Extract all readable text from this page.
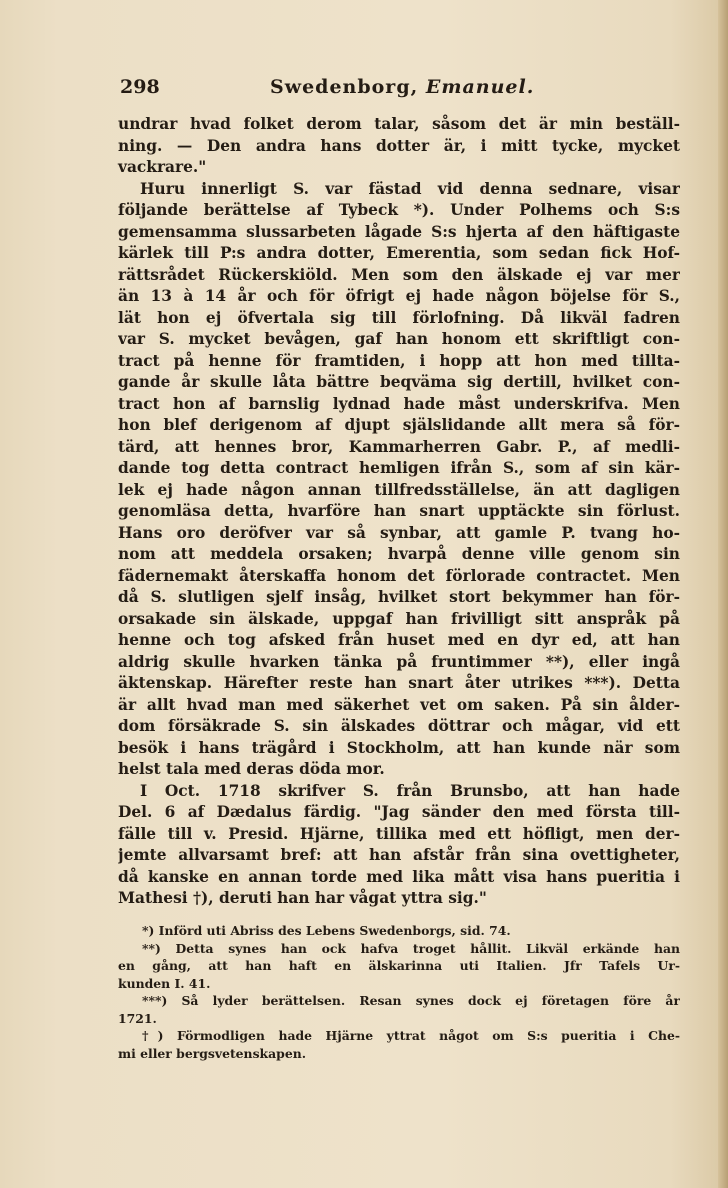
298	Swedenborg, Emanuel.
undrar hvad folket derom talar, såsom det är min beställ-
ning. — Den andra hans dotter är, i mitt tycke, mycket
vackrare."
Huru innerligt S. var fästad vid denna sednare, visar
följande berättelse af Tybeck *). Under Polhems och S:s
gemensamma slussarbeten lågade S:s hjerta af den häftigaste
kärlek till P:s andra dotter, Emerentia, som sedan fick Hof-
rättsrådet Rückerskiöld. Men som den älskade ej var mer
än 13 à 14 år och för öfrigt ej hade någon böjelse för S.,
lät hon ej öfvertala sig till förlofning. Då likväl fadren
var S. mycket bevågen, gaf han honom ett skriftligt con-
tract på henne för framtiden, i hopp att hon med tillta-
gande år skulle låta bättre beqväma sig dertill, hvilket con-
tract hon af barnslig lydnad hade måst underskrifva. Men
hon blef derigenom af djupt själslidande allt mera så för-
tärd, att hennes bror, Kammarherren Gabr. P., af medli-
dande tog detta contract hemligen ifrån S., som af sin kär-
lek ej hade någon annan tillfredsställelse, än att dagligen
genomläsa detta, hvarföre han snart upptäckte sin förlust.
Hans oro deröfver var så synbar, att gamle P. tvang ho-
nom att meddela orsaken; hvarpå denne ville genom sin
fädernemakt återskaffa honom det förlorade contractet. Men
då S. slutligen sjelf insåg, hvilket stort bekymmer han för-
orsakade sin älskade, uppgaf han frivilligt sitt anspråk på
henne och tog afsked från huset med en dyr ed, att han
aldrig skulle hvarken tänka på fruntimmer **), eller ingå
äktenskap. Härefter reste han snart åter utrikes ***). Detta
är allt hvad man med säkerhet vet om saken. På sin ålder-
dom försäkrade S. sin älskades döttrar och mågar, vid ett
besök i hans trägård i Stockholm, att han kunde när som
helst tala med deras döda mor.
I Oct. 1718 skrifver S. från Brunsbo, att han hade
Del. 6 af Dædalus färdig. "Jag sänder den med första till-
fälle till v. Presid. Hjärne, tillika med ett höfligt, men der-
jemte allvarsamt bref: att han afstår från sina ovettigheter,
då kanske en annan torde med lika mått visa hans pueritia i
Mathesi †), deruti han har vågat yttra sig."
*) Införd uti Abriss des Lebens Swedenborgs, sid. 74.
**) Detta synes han ock hafva troget hållit. Likväl erkände han
en gång, att han haft en älskarinna uti Italien. Jfr Tafels Ur-
kunden I. 41.
***) Så lyder berättelsen. Resan synes dock ej företagen före år
1721.
†) Förmodligen hade Hjärne yttrat något om S:s pueritia i Che-
mi eller bergsvetenskapen.
